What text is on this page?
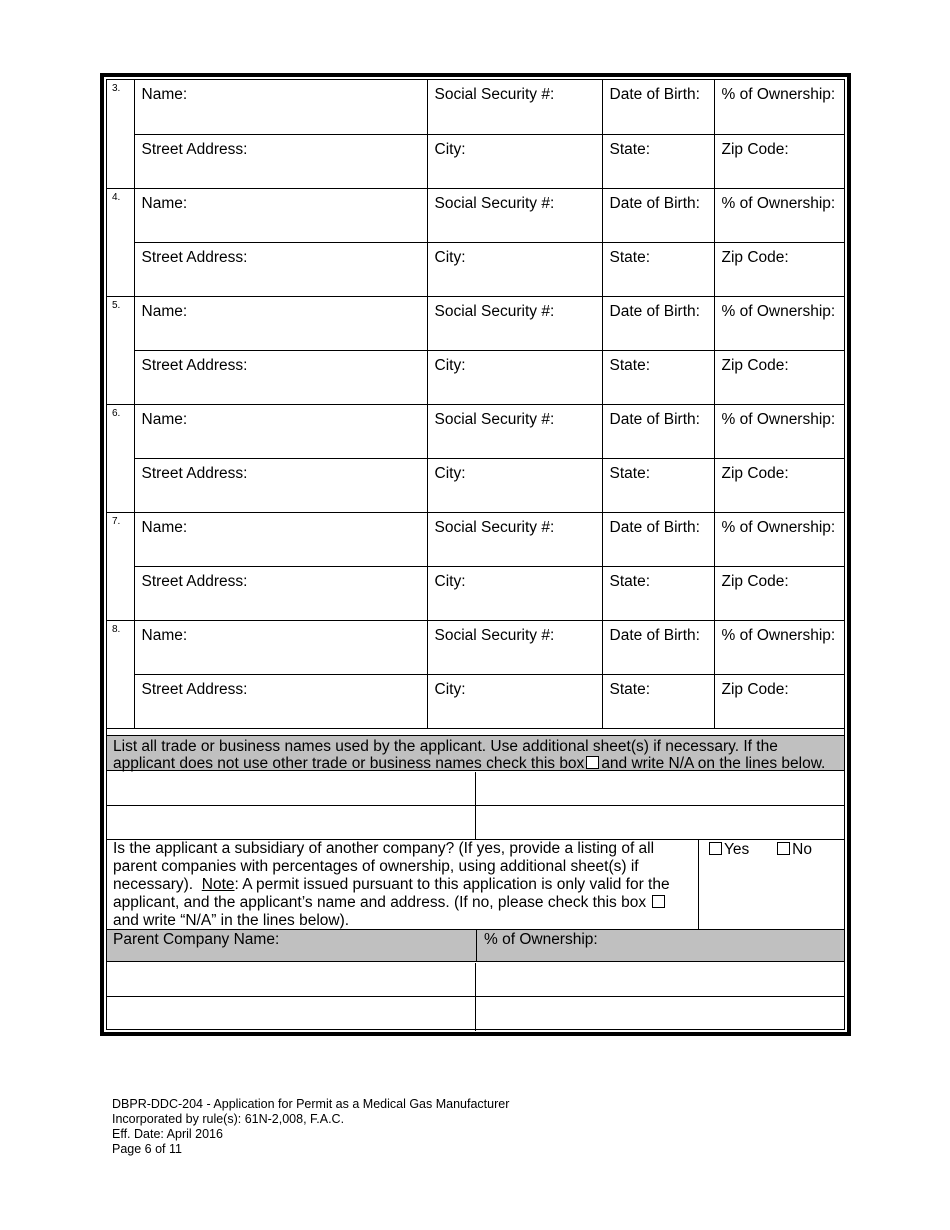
3.	Name:	Social Security #:	Date of Birth:	% of Ownership:
	Street Address:	City:	State:	Zip Code:
4.	Name:	Social Security #:	Date of Birth:	% of Ownership:
	Street Address:	City:	State:	Zip Code:
5.	Name:	Social Security #:	Date of Birth:	% of Ownership:
	Street Address:	City:	State:	Zip Code:
6.	Name:	Social Security #:	Date of Birth:	% of Ownership:
	Street Address:	City:	State:	Zip Code:
7.	Name:	Social Security #:	Date of Birth:	% of Ownership:
	Street Address:	City:	State:	Zip Code:
8.	Name:	Social Security #:	Date of Birth:	% of Ownership:
	Street Address:	City:	State:	Zip Code:
List all trade or business names used by the applicant. Use additional sheet(s) if necessary. If the
applicant does not use other trade or business names check this box and write N/A on the lines below.
Is the applicant a subsidiary of another company? (If yes, provide a listing of all
parent companies with percentages of ownership, using additional sheet(s) if
necessary). Note: A permit issued pursuant to this application is only valid for the
applicant, and the applicant’s name and address. (If no, please check this box
and write “N/A” in the lines below).
Yes	No
Parent Company Name:	% of Ownership:
DBPR-DDC-204 - Application for Permit as a Medical Gas Manufacturer
Incorporated by rule(s): 61N-2,008, F.A.C.
Eff. Date: April 2016
Page 6 of 11
